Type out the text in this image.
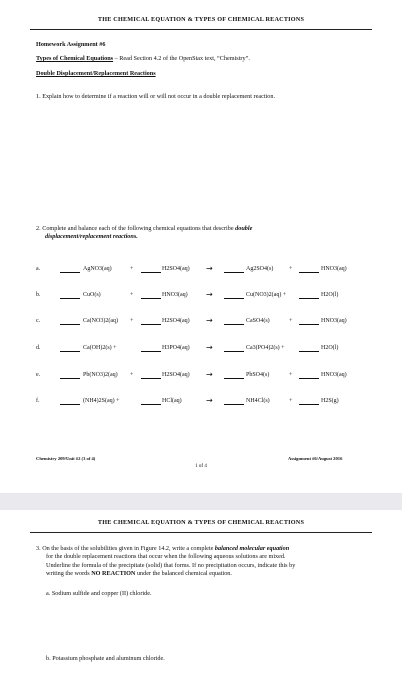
THE CHEMICAL EQUATION & TYPES OF CHEMICAL REACTIONS
Homework Assignment #6
Types of Chemical Equations – Read Section 4.2 of the OpenStax text, “Chemistry”.
Double Displacement/Replacement Reactions
1. Explain how to determine if a reaction will or will not occur in a double replacement reaction.
2. Complete and balance each of the following chemical equations that describe double
displacement/replacement reactions.
a.	AgNO3(aq)	+	H2SO4(aq) →	Ag2SO4(s)	+	HNO3(aq)
b.	CuO(s)	+	HNO3(aq) →	Cu(NO3)2(aq) +	H2O(l)
c.	Ca(NO3)2(aq) +	H2SO4(aq) →	CaSO4(s)	+	HNO3(aq)
d.	Ca(OH)2(s) +	H3PO4(aq) →	Ca3(PO4)2(s) +	H2O(l)
e.	Pb(NO3)2(aq) +	H2SO4(aq) →	PbSO4(s)	+	HNO3(aq)
f.	(NH4)2S(aq) +	HCl(aq)	→	NH4Cl(s)	+	H2S(g)
Chemistry 209/Unit #2 (3 of 4)	Assignment #6/August 2016
1 of 4
THE CHEMICAL EQUATION & TYPES OF CHEMICAL REACTIONS
3. On the basis of the solubilities given in Figure 14.2, write a complete balanced molecular equation
for the double replacement reactions that occur when the following aqueous solutions are mixed.
Underline the formula of the precipitate (solid) that forms. If no precipitation occurs, indicate this by
writing the words NO REACTION under the balanced chemical equation.
a. Sodium sulfide and copper (II) chloride.
b. Potassium phosphate and aluminum chloride.
